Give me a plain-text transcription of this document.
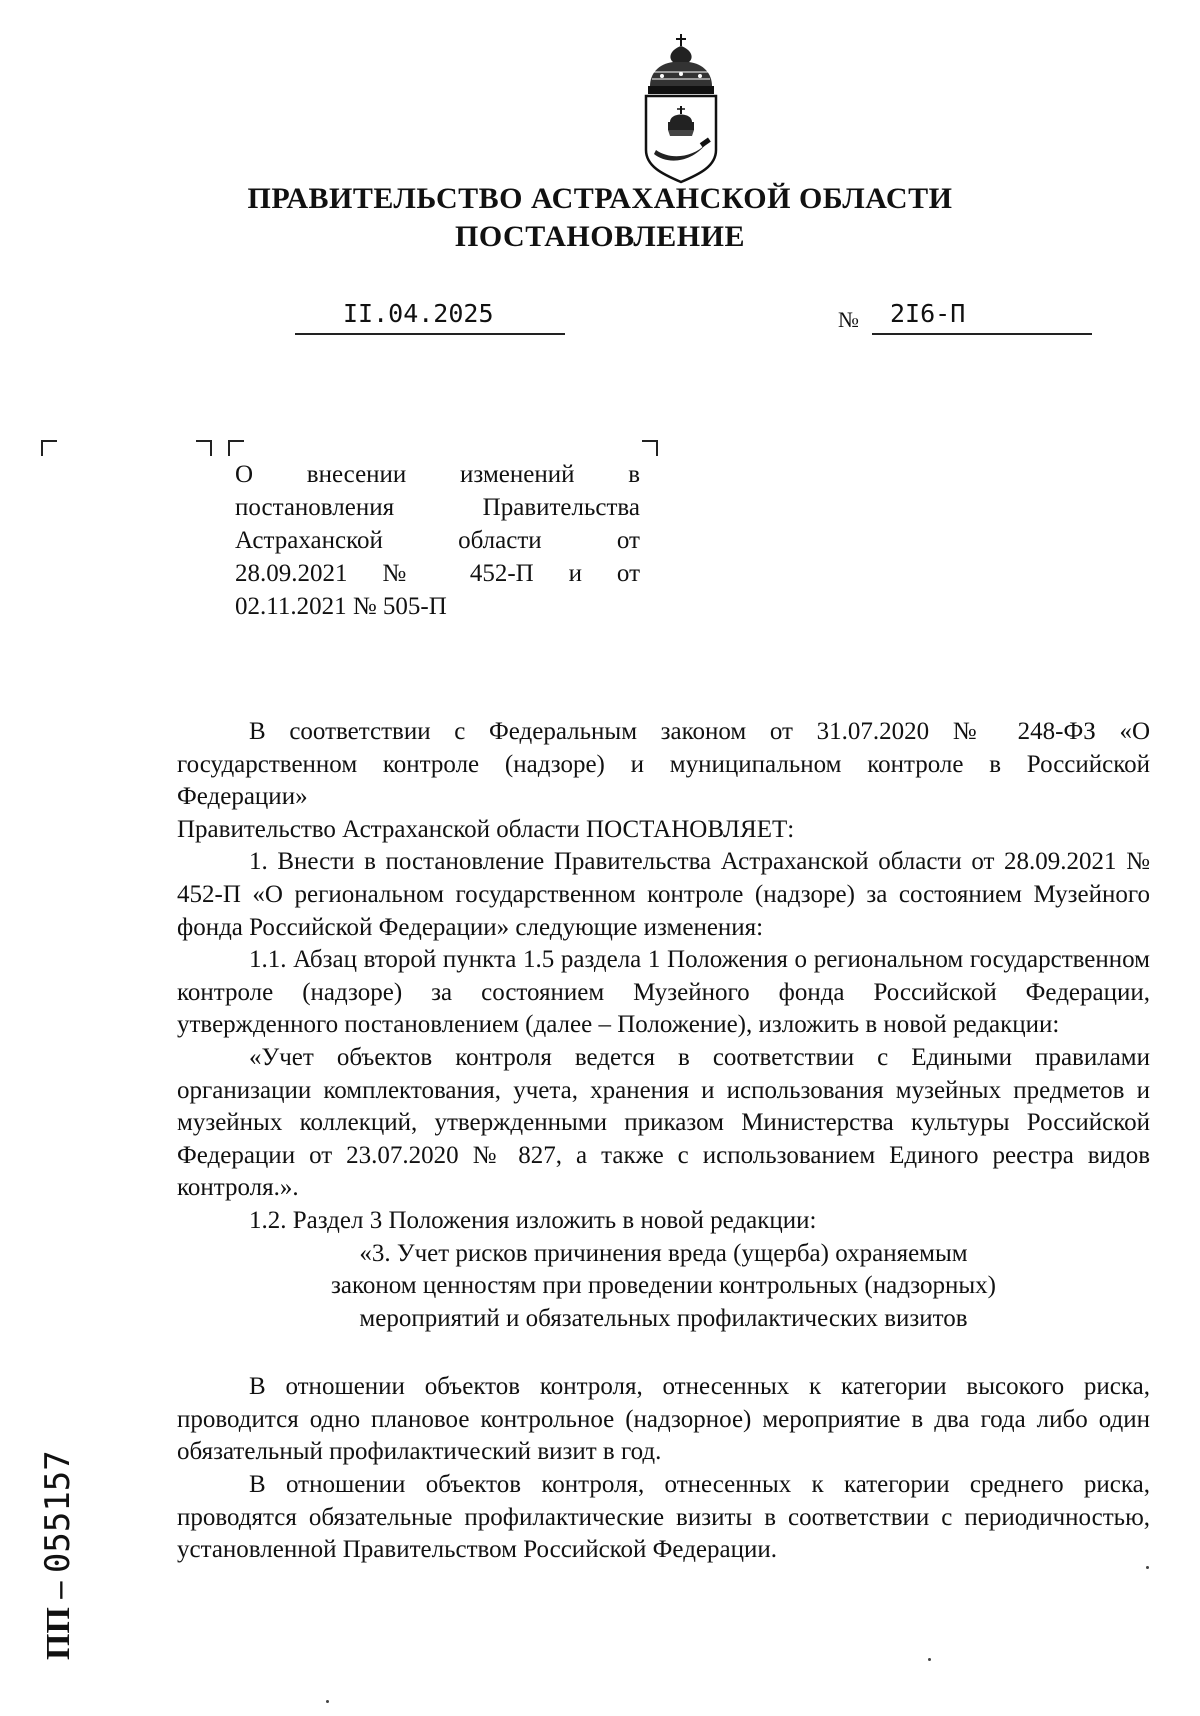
ПРАВИТЕЛЬСТВО АСТРАХАНСКОЙ ОБЛАСТИ
ПОСТАНОВЛЕНИЕ
II.04.2025	№ 2I6-П
О внесении изменений в
постановления Правительства
Астраханской области от
28.09.2021 № 452-П и от
02.11.2021 № 505-П

В соответствии с Федеральным законом от 31.07.2020 № 248-ФЗ «О государственном контроле (надзоре) и муниципальном контроле в Российской Федерации»

Правительство Астраханской области ПОСТАНОВЛЯЕТ:

1. Внести в постановление Правительства Астраханской области от 28.09.2021 № 452-П «О региональном государственном контроле (надзоре) за состоянием Музейного фонда Российской Федерации» следующие изменения:

1.1. Абзац второй пункта 1.5 раздела 1 Положения о региональном государственном контроле (надзоре) за состоянием Музейного фонда Российской Федерации, утвержденного постановлением (далее – Положение), изложить в новой редакции:

«Учет объектов контроля ведется в соответствии с Едиными правилами организации комплектования, учета, хранения и использования музейных предметов и музейных коллекций, утвержденными приказом Министерства культуры Российской Федерации от 23.07.2020 № 827, а также с использованием Единого реестра видов контроля.».

1.2. Раздел 3 Положения изложить в новой редакции:

«3. Учет рисков причинения вреда (ущерба) охраняемым
законом ценностям при проведении контрольных (надзорных)
мероприятий и обязательных профилактических визитов

В отношении объектов контроля, отнесенных к категории высокого риска, проводится одно плановое контрольное (надзорное) мероприятие в два года либо один обязательный профилактический визит в год.

В отношении объектов контроля, отнесенных к категории среднего риска, проводятся обязательные профилактические визиты в соответствии с периодичностью, установленной Правительством Российской Федерации.

ПП – 055157
